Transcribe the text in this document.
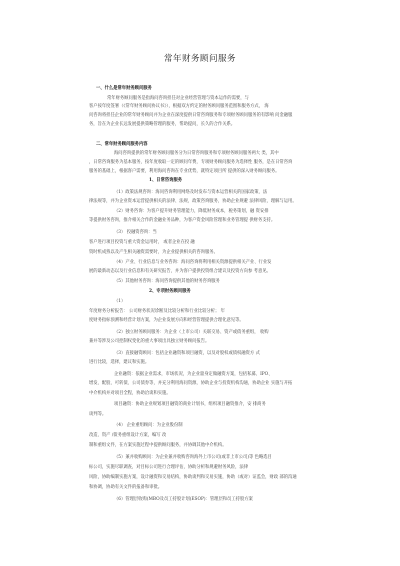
常年财务顾问服务
一、什么是常年财务顾问服务
常年财务顾问服务是指海问咨询担任对企业经营管理与资本运作的需要，与
客户按年度签署（《常年财务顾问协议书》），根据双方约定的财务顾问服务范围和服务方式， 海
问咨询将担任企业的常年财务顾问并为企业在深度提供日常咨询服务和专项财务顾问服务的有影响 问金融服
务，旨在为企业长远发展提供策略管理的服务，帮助提问，长久的合作关系。
二、常年财务顾问服务内容
海问咨询提供的常年财务顾问服务分为日常咨询服务和专项财务顾问服务两大 类，其中
，日常咨询服务为基本服务，按年度收取一定的顾问年费，专项财务顾问服务为选择性 服务，是在日常咨询
服务的基础上，根据客户需要，利用海问咨询在专业优势，就特定项目所 提供的深入财务顾问服务。
1、日常咨询服务
（1）政策法规咨询：海问咨询利用网络及时发布与资本运营相关的国家政策、法
律法规等，并为企业资本运营提供相关的法律、法规，政策咨询服务，协助企业规避 法律风险，理解与运用。
（2）财务咨询：为客户提升财务管理能力，降低财务成本，税务策划，融 资安排
等提供财务咨询，推介相关合作的金融业务品种，为客户资金风险管理和业务管理提 供财务支持。
（3） 投融资咨询：当
客户进行项目投资与重大资金运用时， 或者企业在投 融
资时机成熟以及产生相关融资需要时，为企业提供相关的咨询服务。
（4）产业、行业信息与业务咨询：海问咨询将利用相关资源提供相关产业、行业发
展的最新动态以及行业信息和有关研究报告，并为客户提供投资组合建议及投资方向参 考意见。
（5）其他财务咨询：海问咨询提供其他的财务咨询服务
2、专项财务顾问服务
（1）
年度财务分析报告： 公司财务状况诊断及比较分析和行业比较分析； 年
度财务指标预测和经营计划方案，为企业发展方向和经营管理提供合理化意见等。
（2）独立财务顾问服务：为企业（上市公司）关联交易、资产或债务重组， 收购
兼并等涉及公司控制权变化的重大事项出具独立财务顾问报告。
（3）直接融资顾问：包括企业融资和项目融资，以及对股权或债权融资方 式
进行比较，选择，建议和实施。
企业融资：依据企业需求，市场状况，为企业量身定做融资方案，包括私募、IPO、
增发、配股、可转债、公司债券等，并充分利用海问资源，协助企业与投资机构沟通，协助企业 实施与开拓
中介机构并对项目全程，协助洽谈和实施。
项目融资：协助企业规划项目融资的商业计划书，组织项目融资推介，安 排商务
谈判等。
（4） 企业重组顾问：为企业股份制
改造、资产 /债务重组设计方案，编写 改
制和重组文件，在方案实施过程中提供顾问服务，并协调其他中介机构。
（5）兼并收购顾问：为企业兼并收购咨询海外上市公司(或非上市公司)等 色略选目
标公司，实施尽职调查，对目标公司进行合理评估，协助分析和规避财务风险，法律
风险，协助编制实施方案，设计融资和交易结构，协助谈判和交易实施，协助（或对）证监会，财政 部的沟通
和协调，协助有关文件的报备和审批。
（6）管理层收购(MBO及员工持股计划(ESOP)：管理层和员工持股方案
